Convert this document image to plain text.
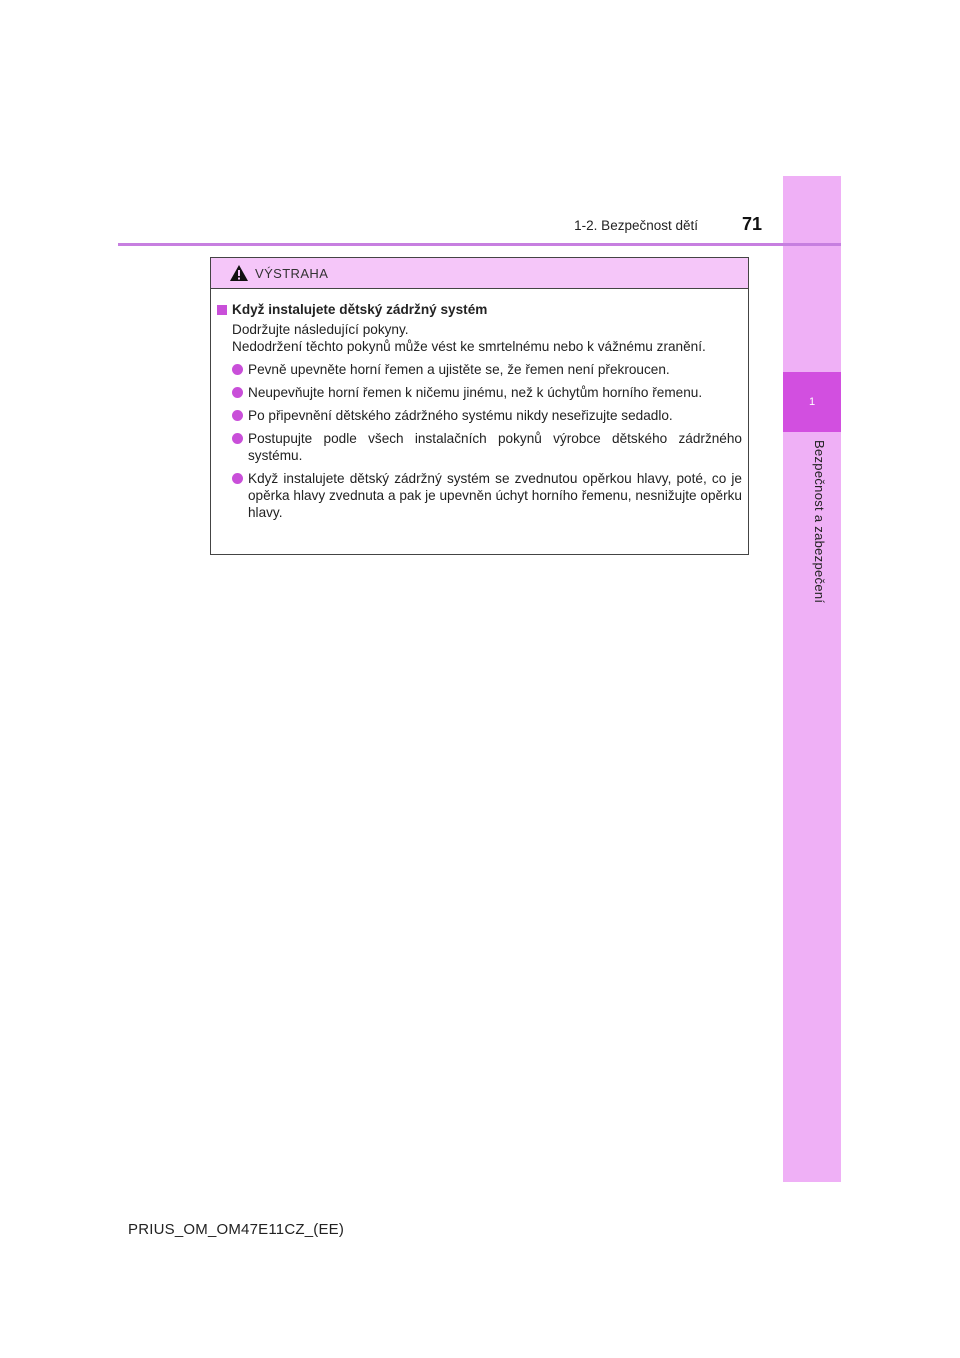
1
Bezpečnost a zabezpečení
1-2. Bezpečnost dětí 71
VÝSTRAHA
Když instalujete dětský zádržný systém
Dodržujte následující pokyny.
Nedodržení těchto pokynů může vést ke smrtelnému nebo k vážnému zranění.
Pevně upevněte horní řemen a ujistěte se, že řemen není překroucen.
Neupevňujte horní řemen k ničemu jinému, než k úchytům horního řemenu.
Po připevnění dětského zádržného systému nikdy neseřizujte sedadlo.
Postupujte podle všech instalačních pokynů výrobce dětského zádržného systému.
Když instalujete dětský zádržný systém se zvednutou opěrkou hlavy, poté, co je opěrka hlavy zvednuta a pak je upevněn úchyt horního řemenu, nesnižujte opěrku hlavy.
PRIUS_OM_OM47E11CZ_(EE)
